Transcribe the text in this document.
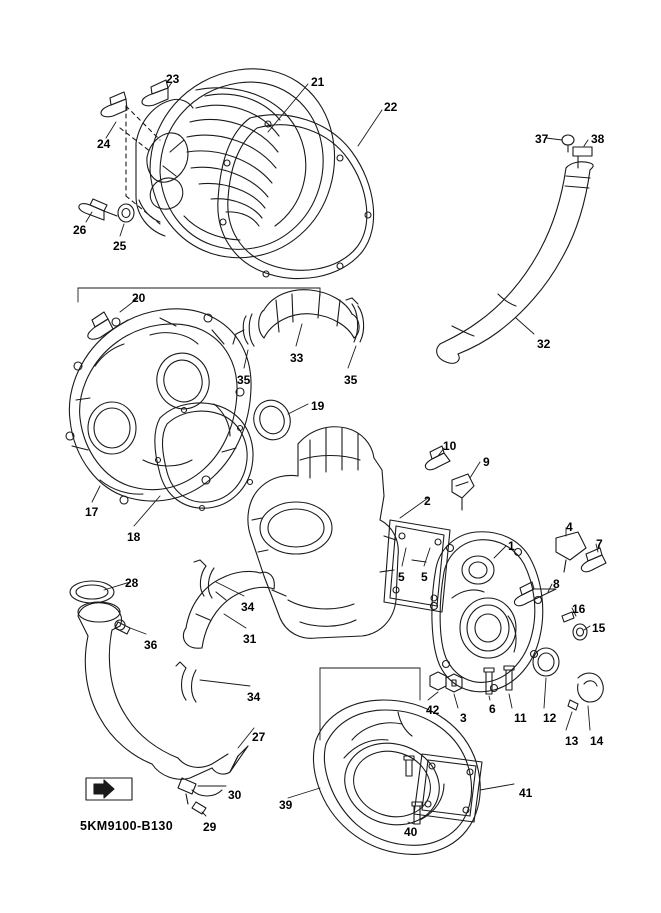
23	21
22
37	38
24
26
25
20
32
33
35	35
19
10
9
2
17
18
4
7
1
5 5	8
28
16
34
15
36	31
34
3	11 12
6
42
13 14
27
30
29
39
41
40
5KM9100-B130
